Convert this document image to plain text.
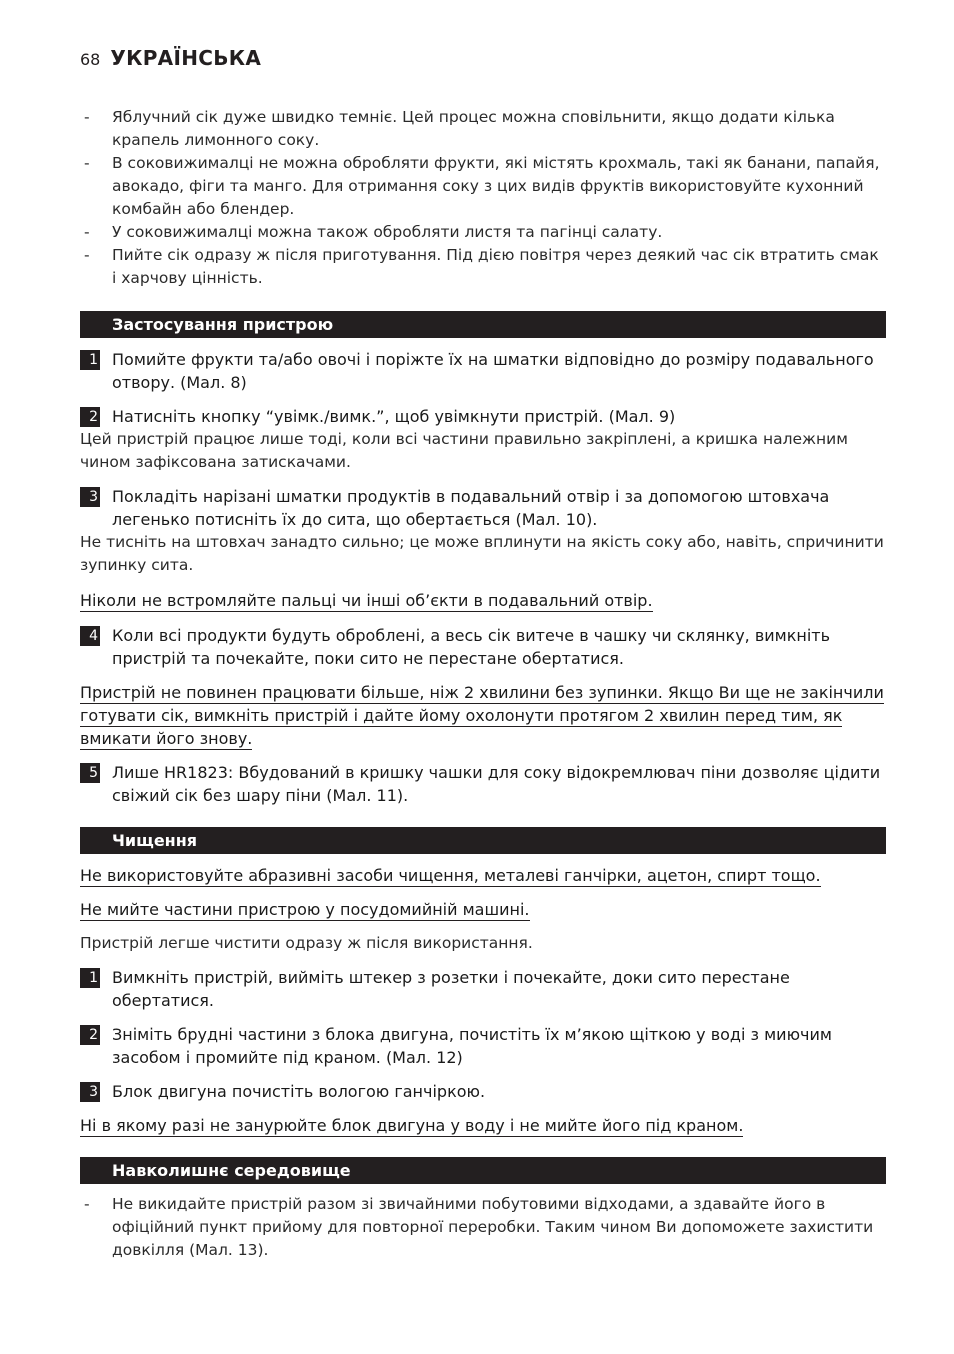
68 УКРАЇНСЬКА
- Яблучний сік дуже швидко темніє. Цей процес можна сповільнити, якщо додати кілька крапель лимонного соку.
- В соковижималці не можна обробляти фрукти, які містять крохмаль, такі як банани, папайя, авокадо, фіги та манго. Для отримання соку з цих видів фруктів використовуйте кухонний комбайн або блендер.
- У соковижималці можна також обробляти листя та пагінці салату.
- Пийте сік одразу ж після приготування. Під дією повітря через деякий час сік втратить смак і харчову цінність.
Застосування пристрою
1 Помийте фрукти та/або овочі і поріжте їх на шматки відповідно до розміру подавального отвору. (Мал. 8)
2 Натисніть кнопку “увімк./вимк.”, щоб увімкнути пристрій. (Мал. 9)
Цей пристрій працює лише тоді, коли всі частини правильно закріплені, а кришка належним чином зафіксована затискачами.
3 Покладіть нарізані шматки продуктів в подавальний отвір і за допомогою штовхача легенько потисніть їх до сита, що обертається (Мал. 10).
Не тисніть на штовхач занадто сильно; це може вплинути на якість соку або, навіть, спричинити зупинку сита.
Ніколи не встромляйте пальці чи інші об’єкти в подавальний отвір.
4 Коли всі продукти будуть оброблені, а весь сік витече в чашку чи склянку, вимкніть пристрій та почекайте, поки сито не перестане обертатися.
Пристрій не повинен працювати більше, ніж 2 хвилини без зупинки. Якщо Ви ще не закінчили готувати сік, вимкніть пристрій і дайте йому охолонути протягом 2 хвилин перед тим, як вмикати його знову.
5 Лише HR1823: Вбудований в кришку чашки для соку відокремлювач піни дозволяє цідити свіжий сік без шару піни (Мал. 11).
Чищення
Не використовуйте абразивні засоби чищення, металеві ганчірки, ацетон, спирт тощо.
Не мийте частини пристрою у посудомийній машині.
Пристрій легше чистити одразу ж після використання.
1 Вимкніть пристрій, вийміть штекер з розетки і почекайте, доки сито перестане обертатися.
2 Зніміть брудні частини з блока двигуна, почистіть їх м’якою щіткою у воді з миючим засобом і промийте під краном. (Мал. 12)
3 Блок двигуна почистіть вологою ганчіркою.
Ні в якому разі не занурюйте блок двигуна у воду і не мийте його під краном.
Навколишнє середовище
- Не викидайте пристрій разом зі звичайними побутовими відходами, а здавайте його в офіційний пункт прийому для повторної переробки. Таким чином Ви допоможете захистити довкілля (Мал. 13).
